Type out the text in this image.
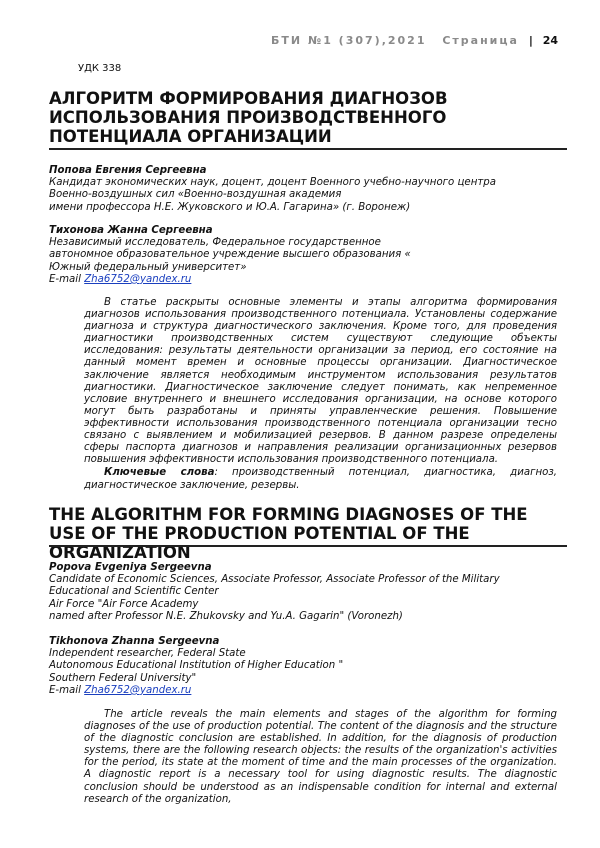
БТИ №1 (307),2021 Страница | 24
УДК 338
АЛГОРИТМ ФОРМИРОВАНИЯ ДИАГНОЗОВ ИСПОЛЬЗОВАНИЯ ПРОИЗВОДСТВЕННОГО ПОТЕНЦИАЛА ОРГАНИЗАЦИИ
Попова Евгения Сергеевна
Кандидат экономических наук, доцент, доцент Военного учебно-научного центра
Военно-воздушных сил «Военно-воздушная академия
имени профессора Н.Е. Жуковского и Ю.А. Гагарина» (г. Воронеж)
Тихонова Жанна Сергеевна
Независимый исследователь, Федеральное государственное
автономное образовательное учреждение высшего образования «
Южный федеральный университет»
E-mail Zha6752@yandex.ru

В статье раскрыты основные элементы и этапы алгоритма формирования диагнозов использования производственного потенциала. Установлены содержание диагноза и структура диагностического заключения. Кроме того, для проведения диагностики производственных систем существуют следующие объекты исследования: результаты деятельности организации за период, его состояние на данный момент времен и основные процессы организации. Диагностическое заключение является необходимым инструментом использования результатов диагностики. Диагностическое заключение следует понимать, как непременное условие внутреннего и внешнего исследования организации, на основе которого могут быть разработаны и приняты управленческие решения. Повышение эффективности использования производственного потенциала организации тесно связано с выявлением и мобилизацией резервов. В данном разрезе определены сферы паспорта диагнозов и направления реализации организационных резервов повышения эффективности использования производственного потенциала.

Ключевые слова: производственный потенциал, диагностика, диагноз, диагностическое заключение, резервы.

THE ALGORITHM FOR FORMING DIAGNOSES OF THE USE OF THE PRODUCTION POTENTIAL OF THE ORGANIZATION
Popova Evgeniya Sergeevna
Candidate of Economic Sciences, Associate Professor, Associate Professor of the Military
Educational and Scientific Center
Air Force "Air Force Academy
named after Professor N.E. Zhukovsky and Yu.A. Gagarin" (Voronezh)
Tikhonova Zhanna Sergeevna
Independent researcher, Federal State
Autonomous Educational Institution of Higher Education "
Southern Federal University"
E-mail Zha6752@yandex.ru

The article reveals the main elements and stages of the algorithm for forming diagnoses of the use of production potential. The content of the diagnosis and the structure of the diagnostic conclusion are established. In addition, for the diagnosis of production systems, there are the following research objects: the results of the organization's activities for the period, its state at the moment of time and the main processes of the organization. A diagnostic report is a necessary tool for using diagnostic results. The diagnostic conclusion should be understood as an indispensable condition for internal and external research of the organization,
